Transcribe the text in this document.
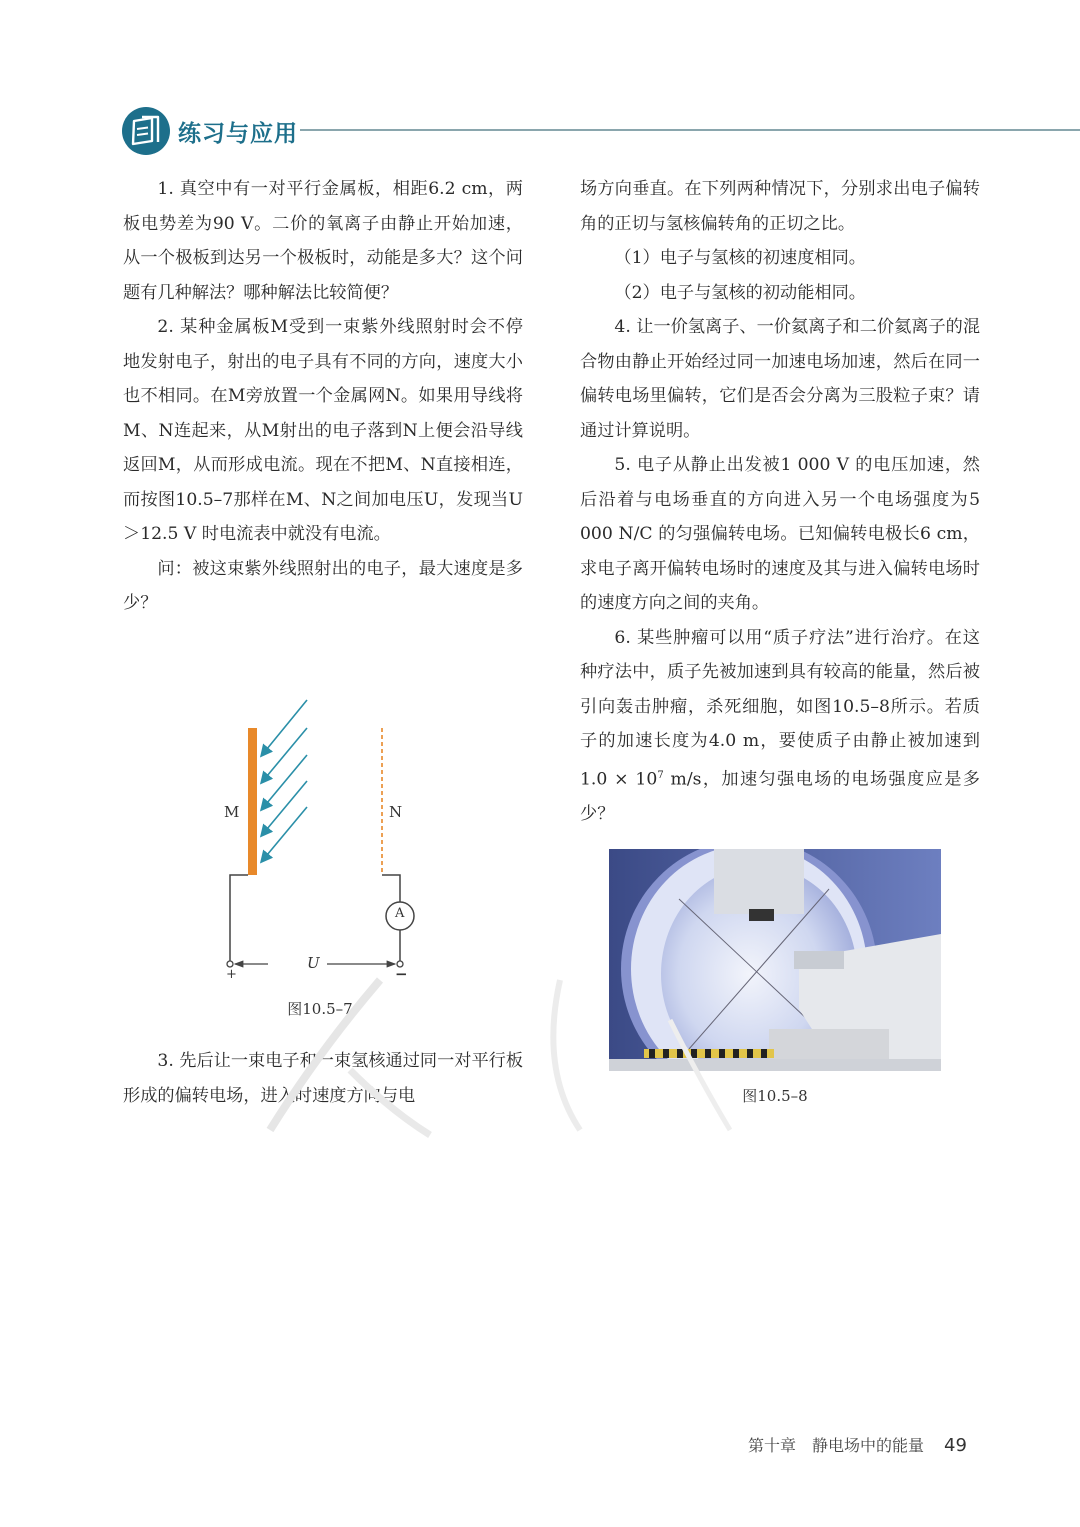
练习与应用

1. 真空中有一对平行金属板，相距6.2 cm，两板电势差为90 V。二价的氧离子由静止开始加速，从一个极板到达另一个极板时，动能是多大？这个问题有几种解法？哪种解法比较简便？

2. 某种金属板M受到一束紫外线照射时会不停地发射电子，射出的电子具有不同的方向，速度大小也不相同。在M旁放置一个金属网N。如果用导线将M、N连起来，从M射出的电子落到N上便会沿导线返回M，从而形成电流。现在不把M、N直接相连，而按图10.5–7那样在M、N之间加电压U，发现当U＞12.5 V 时电流表中就没有电流。

问：被这束紫外线照射出的电子，最大速度是多少？

M	N
A
U
+	−
图10.5–7

3. 先后让一束电子和一束氢核通过同一对平行板形成的偏转电场，进入时速度方向与电

场方向垂直。在下列两种情况下，分别求出电子偏转角的正切与氢核偏转角的正切之比。

（1）电子与氢核的初速度相同。

（2）电子与氢核的初动能相同。

4. 让一价氢离子、一价氦离子和二价氦离子的混合物由静止开始经过同一加速电场加速，然后在同一偏转电场里偏转，它们是否会分离为三股粒子束？请通过计算说明。

5. 电子从静止出发被1 000 V 的电压加速，然后沿着与电场垂直的方向进入另一个电场强度为5 000 N/C 的匀强偏转电场。已知偏转电极长6 cm，求电子离开偏转电场时的速度及其与进入偏转电场时的速度方向之间的夹角。

6. 某些肿瘤可以用“质子疗法”进行治疗。在这种疗法中，质子先被加速到具有较高的能量，然后被引向轰击肿瘤，杀死细胞，如图10.5–8所示。若质子的加速长度为4.0 m，要使质子由静止被加速到$1.0 \times 10^7$ m/s，加速匀强电场的电场强度应是多少？

图10.5–8
第十章 静电场中的能量 49
